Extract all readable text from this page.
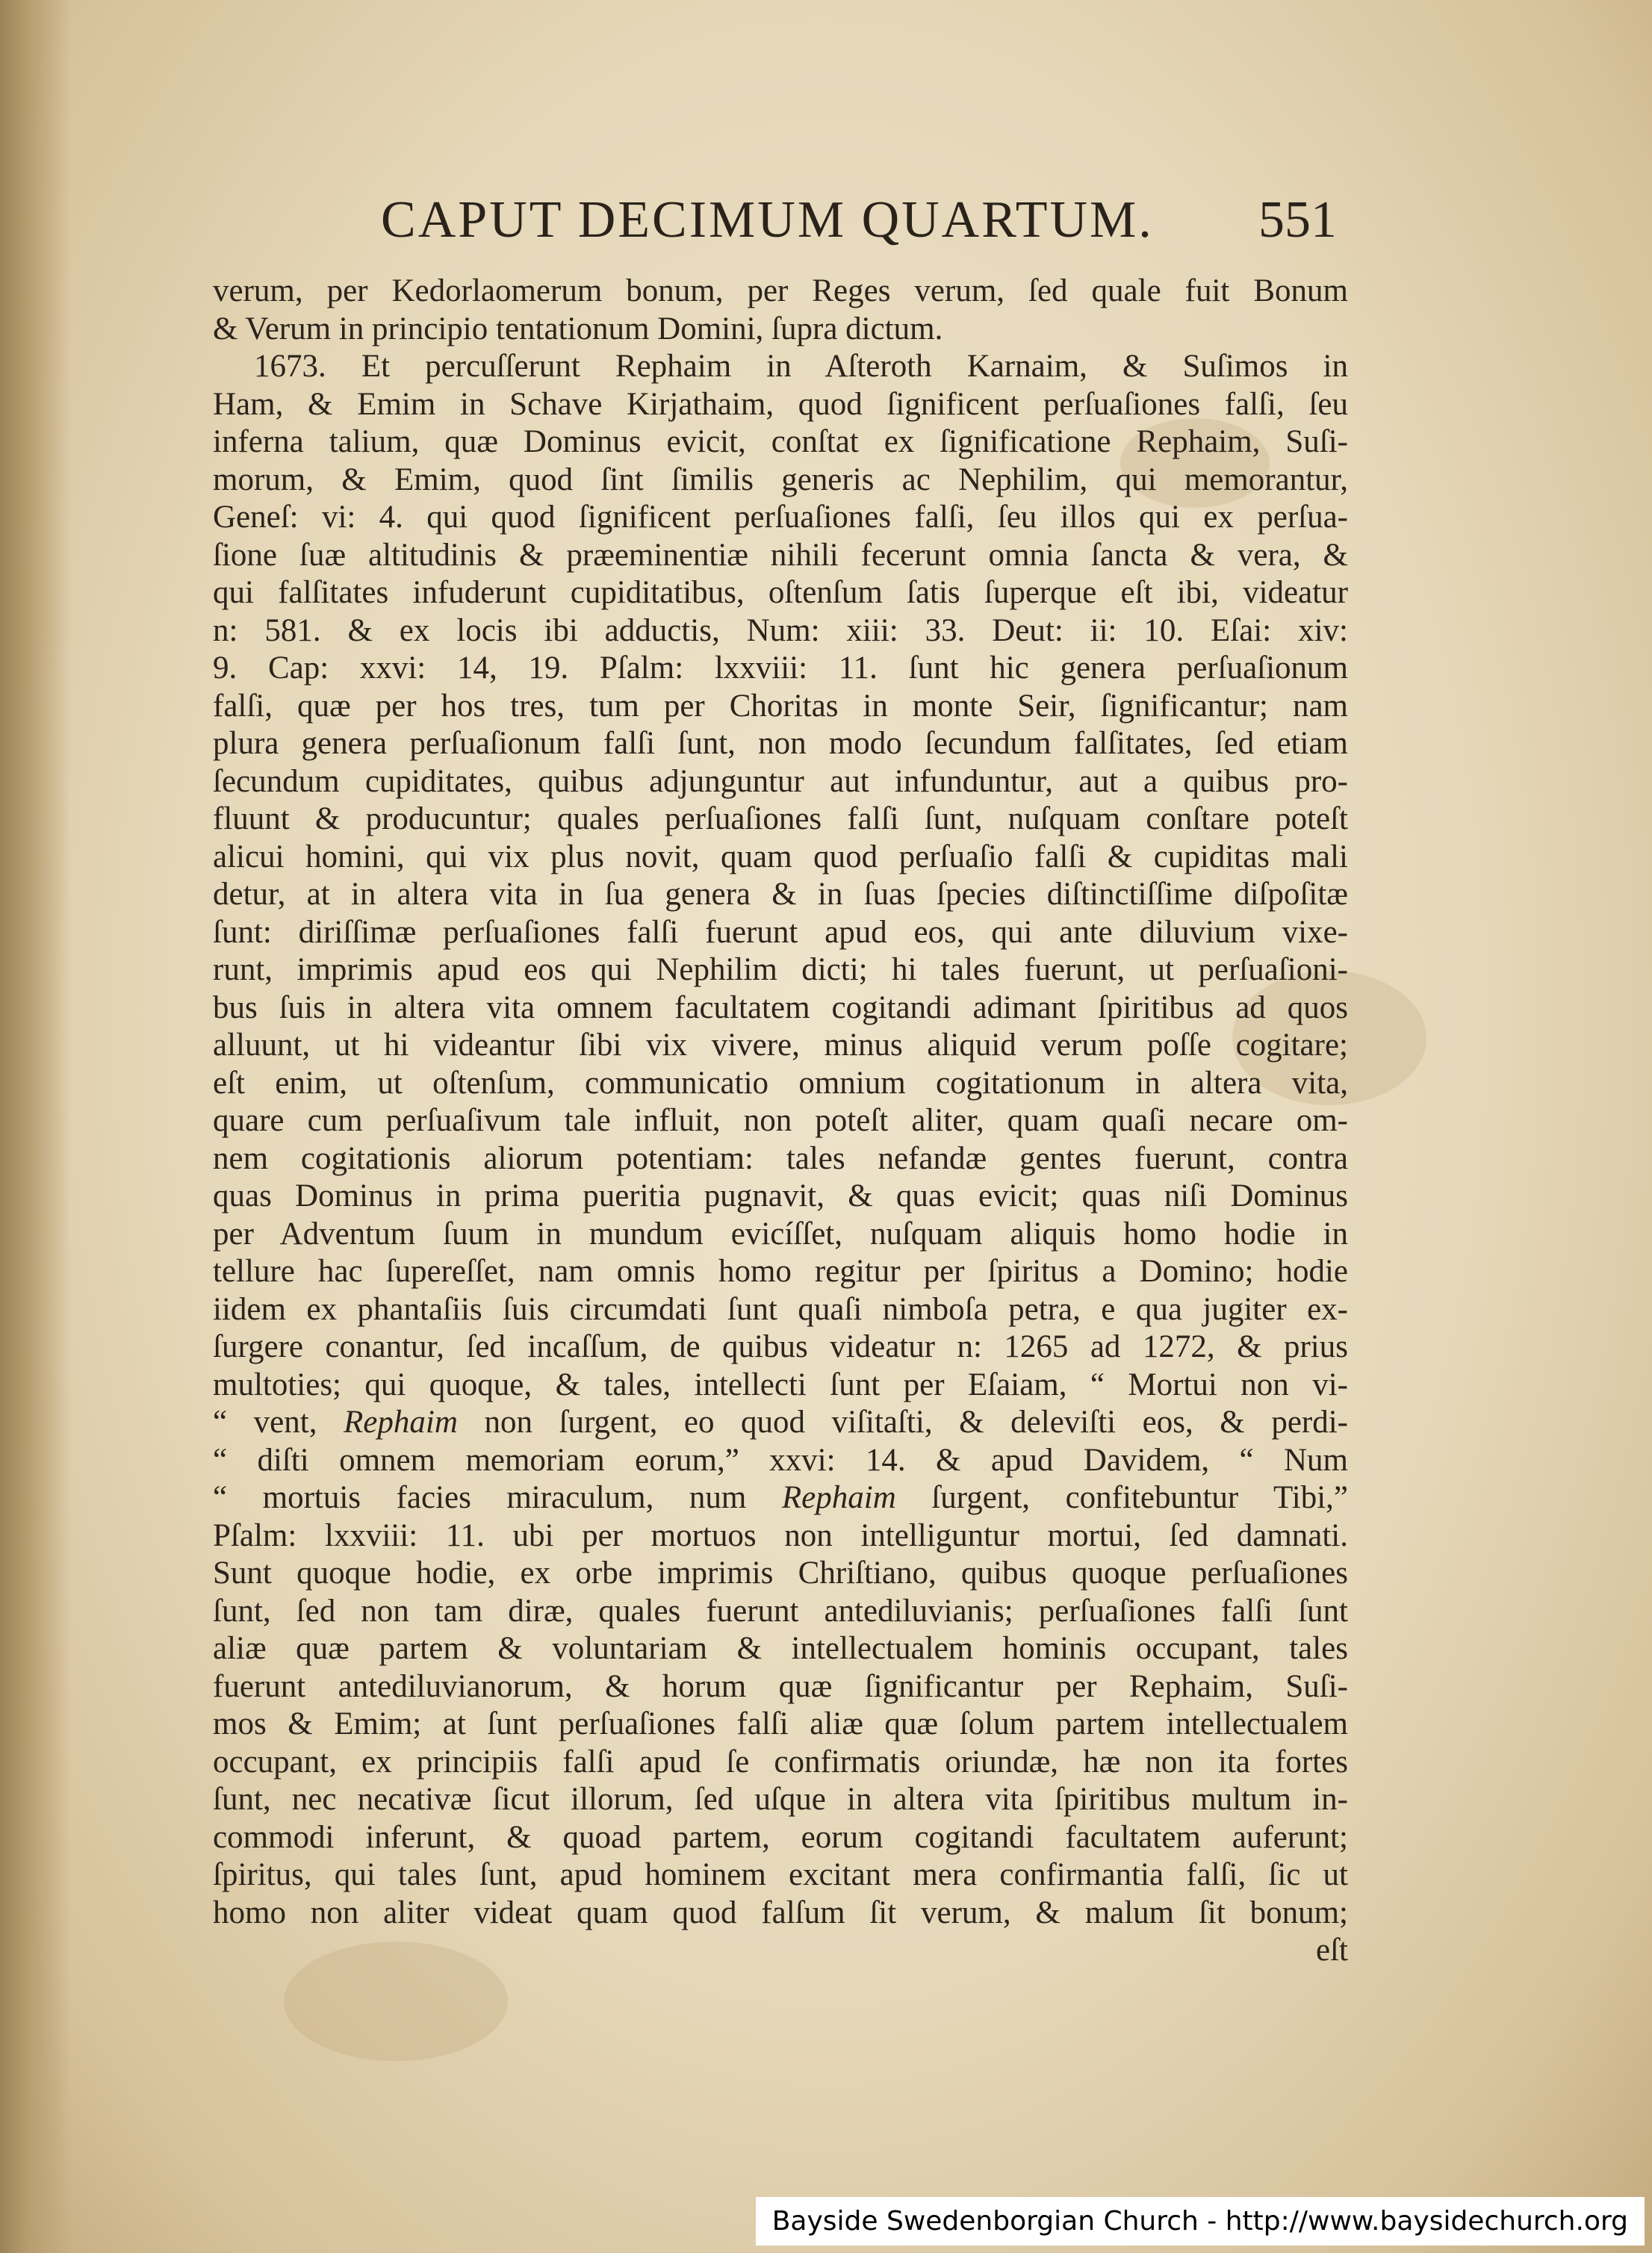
CAPUT DECIMUM QUARTUM. 551
verum, per Kedorlaomerum bonum, per Reges verum, ſed quale fuit Bonum
& Verum in principio tentationum Domini, ſupra dictum.
1673. Et percuſſerunt Rephaim in Aſteroth Karnaim, & Suſimos in
Ham, & Emim in Schave Kirjathaim, quod ſignificent perſuaſiones falſi, ſeu
inferna talium, quæ Dominus evicit, conſtat ex ſignificatione Rephaim, Suſi-
morum, & Emim, quod ſint ſimilis generis ac Nephilim, qui memorantur,
Geneſ: vi: 4. qui quod ſignificent perſuaſiones falſi, ſeu illos qui ex perſua-
ſione ſuæ altitudinis & præeminentiæ nihili fecerunt omnia ſancta & vera, &
qui falſitates infuderunt cupiditatibus, oſtenſum ſatis ſuperque eſt ibi, videatur
n: 581. & ex locis ibi adductis, Num: xiii: 33. Deut: ii: 10. Eſai: xiv:
9. Cap: xxvi: 14, 19. Pſalm: lxxviii: 11. ſunt hic genera perſuaſionum
falſi, quæ per hos tres, tum per Choritas in monte Seir, ſignificantur; nam
plura genera perſuaſionum falſi ſunt, non modo ſecundum falſitates, ſed etiam
ſecundum cupiditates, quibus adjunguntur aut infunduntur, aut a quibus pro-
fluunt & producuntur; quales perſuaſiones falſi ſunt, nuſquam conſtare poteſt
alicui homini, qui vix plus novit, quam quod perſuaſio falſi & cupiditas mali
detur, at in altera vita in ſua genera & in ſuas ſpecies diſtinctiſſime diſpoſitæ
ſunt: diriſſimæ perſuaſiones falſi fuerunt apud eos, qui ante diluvium vixe-
runt, imprimis apud eos qui Nephilim dicti; hi tales fuerunt, ut perſuaſioni-
bus ſuis in altera vita omnem facultatem cogitandi adimant ſpiritibus ad quos
alluunt, ut hi videantur ſibi vix vivere, minus aliquid verum poſſe cogitare;
eſt enim, ut oſtenſum, communicatio omnium cogitationum in altera vita,
quare cum perſuaſivum tale influit, non poteſt aliter, quam quaſi necare om-
nem cogitationis aliorum potentiam: tales nefandæ gentes fuerunt, contra
quas Dominus in prima pueritia pugnavit, & quas evicit; quas niſi Dominus
per Adventum ſuum in mundum evicíſſet, nuſquam aliquis homo hodie in
tellure hac ſupereſſet, nam omnis homo regitur per ſpiritus a Domino; hodie
iidem ex phantaſiis ſuis circumdati ſunt quaſi nimboſa petra, e qua jugiter ex-
ſurgere conantur, ſed incaſſum, de quibus videatur n: 1265 ad 1272, & prius
multoties; qui quoque, & tales, intellecti ſunt per Eſaiam, “ Mortui non vi-
“ vent, Rephaim non ſurgent, eo quod viſitaſti, & deleviſti eos, & perdi-
“ diſti omnem memoriam eorum,” xxvi: 14. & apud Davidem, “ Num
“ mortuis facies miraculum, num Rephaim ſurgent, confitebuntur Tibi,”
Pſalm: lxxviii: 11. ubi per mortuos non intelliguntur mortui, ſed damnati.
Sunt quoque hodie, ex orbe imprimis Chriſtiano, quibus quoque perſuaſiones
ſunt, ſed non tam diræ, quales fuerunt antediluvianis; perſuaſiones falſi ſunt
aliæ quæ partem & voluntariam & intellectualem hominis occupant, tales
fuerunt antediluvianorum, & horum quæ ſignificantur per Rephaim, Suſi-
mos & Emim; at ſunt perſuaſiones falſi aliæ quæ ſolum partem intellectualem
occupant, ex principiis falſi apud ſe confirmatis oriundæ, hæ non ita fortes
ſunt, nec necativæ ſicut illorum, ſed uſque in altera vita ſpiritibus multum in-
commodi inferunt, & quoad partem, eorum cogitandi facultatem auferunt;
ſpiritus, qui tales ſunt, apud hominem excitant mera confirmantia falſi, ſic ut
homo non aliter videat quam quod falſum ſit verum, & malum ſit bonum;
eſt
Bayside Swedenborgian Church - http://www.baysidechurch.org
